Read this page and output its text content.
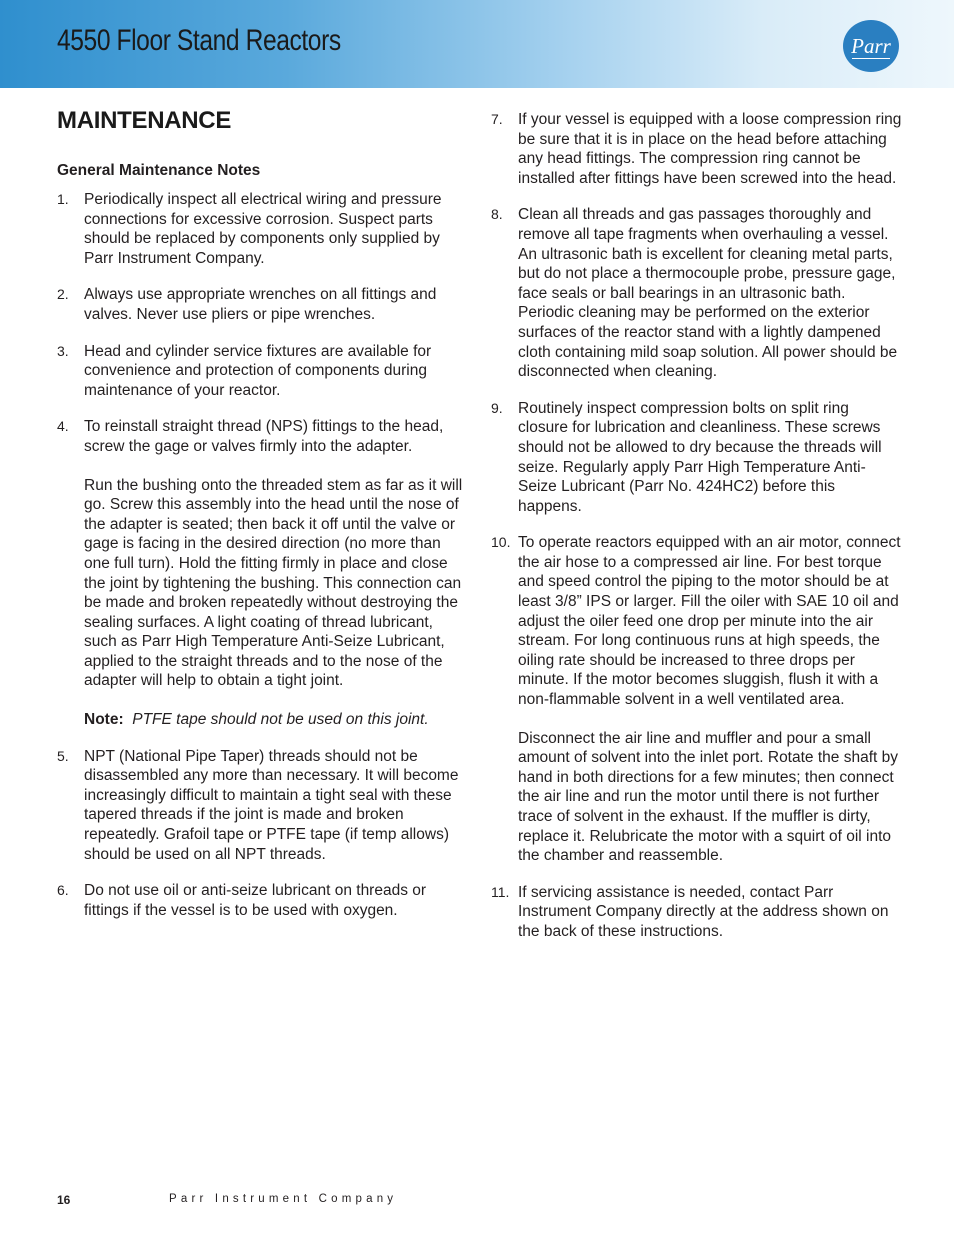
4550 Floor Stand Reactors	Parr
MAINTENANCE
General Maintenance Notes
1. Periodically inspect all electrical wiring and pressure connections for excessive corrosion. Suspect parts should be replaced by components only supplied by Parr Instrument Company.
2. Always use appropriate wrenches on all fittings and valves. Never use pliers or pipe wrenches.
3. Head and cylinder service fixtures are available for convenience and protection of components during maintenance of your reactor.
4. To reinstall straight thread (NPS) fittings to the head, screw the gage or valves firmly into the adapter.
Run the bushing onto the threaded stem as far as it will go. Screw this assembly into the head until the nose of the adapter is seated; then back it off until the valve or gage is facing in the desired direction (no more than one full turn). Hold the fitting firmly in place and close the joint by tightening the bushing. This connection can be made and broken repeatedly without destroying the sealing surfaces. A light coating of thread lubricant, such as Parr High Temperature Anti-Seize Lubricant, applied to the straight threads and to the nose of the adapter will help to obtain a tight joint.
Note: PTFE tape should not be used on this joint.
5. NPT (National Pipe Taper) threads should not be disassembled any more than necessary. It will become increasingly difficult to maintain a tight seal with these tapered threads if the joint is made and broken repeatedly. Grafoil tape or PTFE tape (if temp allows) should be used on all NPT threads.
6. Do not use oil or anti-seize lubricant on threads or fittings if the vessel is to be used with oxygen.
7. If your vessel is equipped with a loose compression ring be sure that it is in place on the head before attaching any head fittings. The compression ring cannot be installed after fittings have been screwed into the head.
8. Clean all threads and gas passages thoroughly and remove all tape fragments when overhauling a vessel. An ultrasonic bath is excellent for cleaning metal parts, but do not place a thermocouple probe, pressure gage, face seals or ball bearings in an ultrasonic bath. Periodic cleaning may be performed on the exterior surfaces of the reactor stand with a lightly dampened cloth containing mild soap solution. All power should be disconnected when cleaning.
9. Routinely inspect compression bolts on split ring closure for lubrication and cleanliness. These screws should not be allowed to dry because the threads will seize. Regularly apply Parr High Temperature Anti-Seize Lubricant (Parr No. 424HC2) before this happens.
10. To operate reactors equipped with an air motor, connect the air hose to a compressed air line. For best torque and speed control the piping to the motor should be at least 3/8” IPS or larger. Fill the oiler with SAE 10 oil and adjust the oiler feed one drop per minute into the air stream. For long continuous runs at high speeds, the oiling rate should be increased to three drops per minute. If the motor becomes sluggish, flush it with a non-flammable solvent in a well ventilated area.
Disconnect the air line and muffler and pour a small amount of solvent into the inlet port. Rotate the shaft by hand in both directions for a few minutes; then connect the air line and run the motor until there is not further trace of solvent in the exhaust. If the muffler is dirty, replace it. Relubricate the motor with a squirt of oil into the chamber and reassemble.
11. If servicing assistance is needed, contact Parr Instrument Company directly at the address shown on the back of these instructions.
16	Parr Instrument Company
